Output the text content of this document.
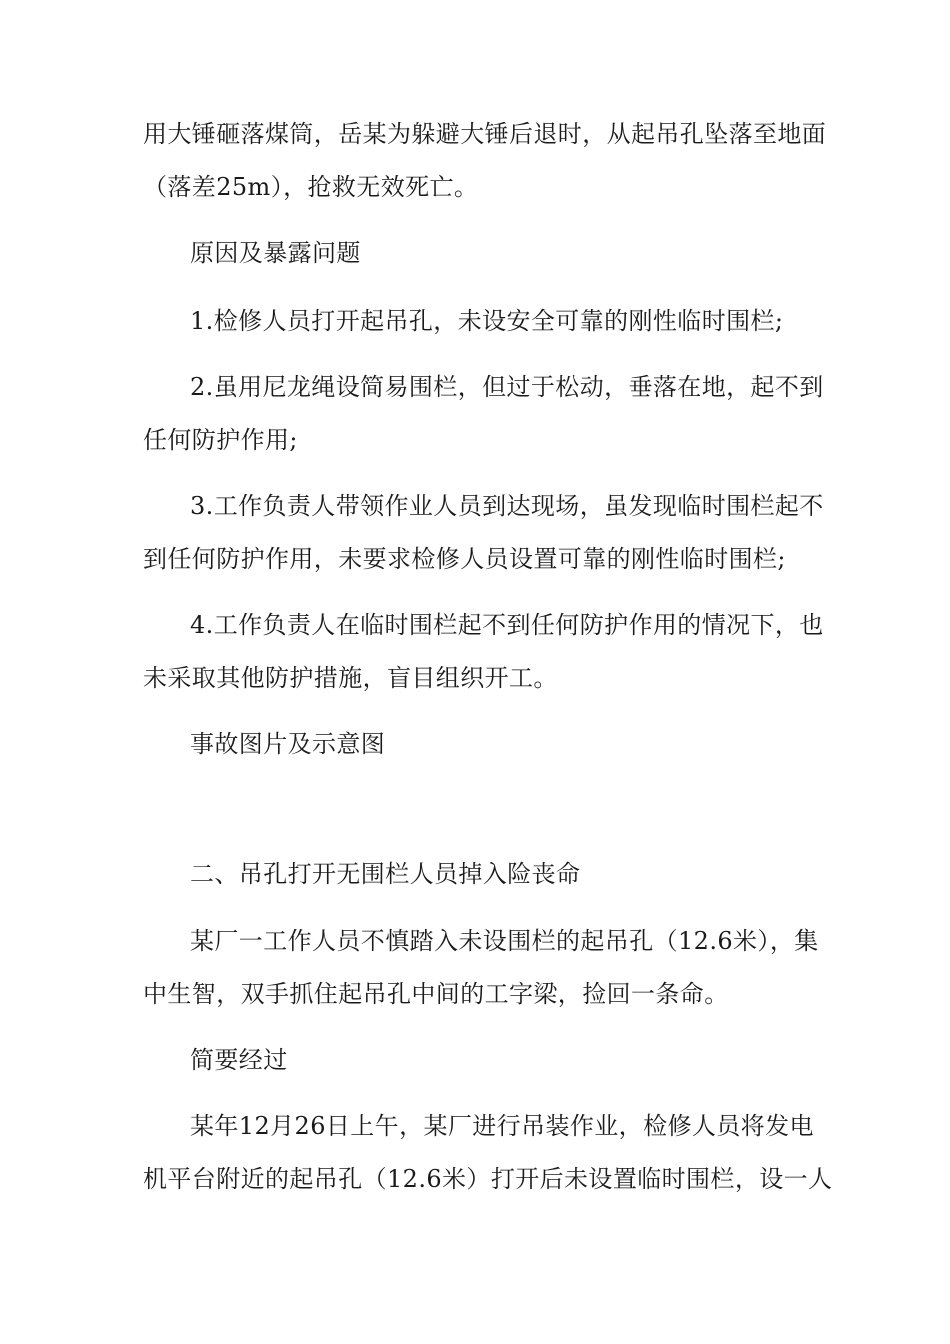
用大锤砸落煤筒，岳某为躲避大锤后退时，从起吊孔坠落至地面
（落差25m），抢救无效死亡。
原因及暴露问题
1.检修人员打开起吊孔，未设安全可靠的刚性临时围栏;
2.虽用尼龙绳设简易围栏，但过于松动，垂落在地，起不到
任何防护作用;
3.工作负责人带领作业人员到达现场，虽发现临时围栏起不
到任何防护作用，未要求检修人员设置可靠的刚性临时围栏;
4.工作负责人在临时围栏起不到任何防护作用的情况下，也
未采取其他防护措施，盲目组织开工。
事故图片及示意图
二、吊孔打开无围栏人员掉入险丧命
某厂一工作人员不慎踏入未设围栏的起吊孔（12.6米），集
中生智，双手抓住起吊孔中间的工字梁，捡回一条命。
简要经过
某年12月26日上午，某厂进行吊装作业，检修人员将发电
机平台附近的起吊孔（12.6米）打开后未设置临时围栏，设一人
